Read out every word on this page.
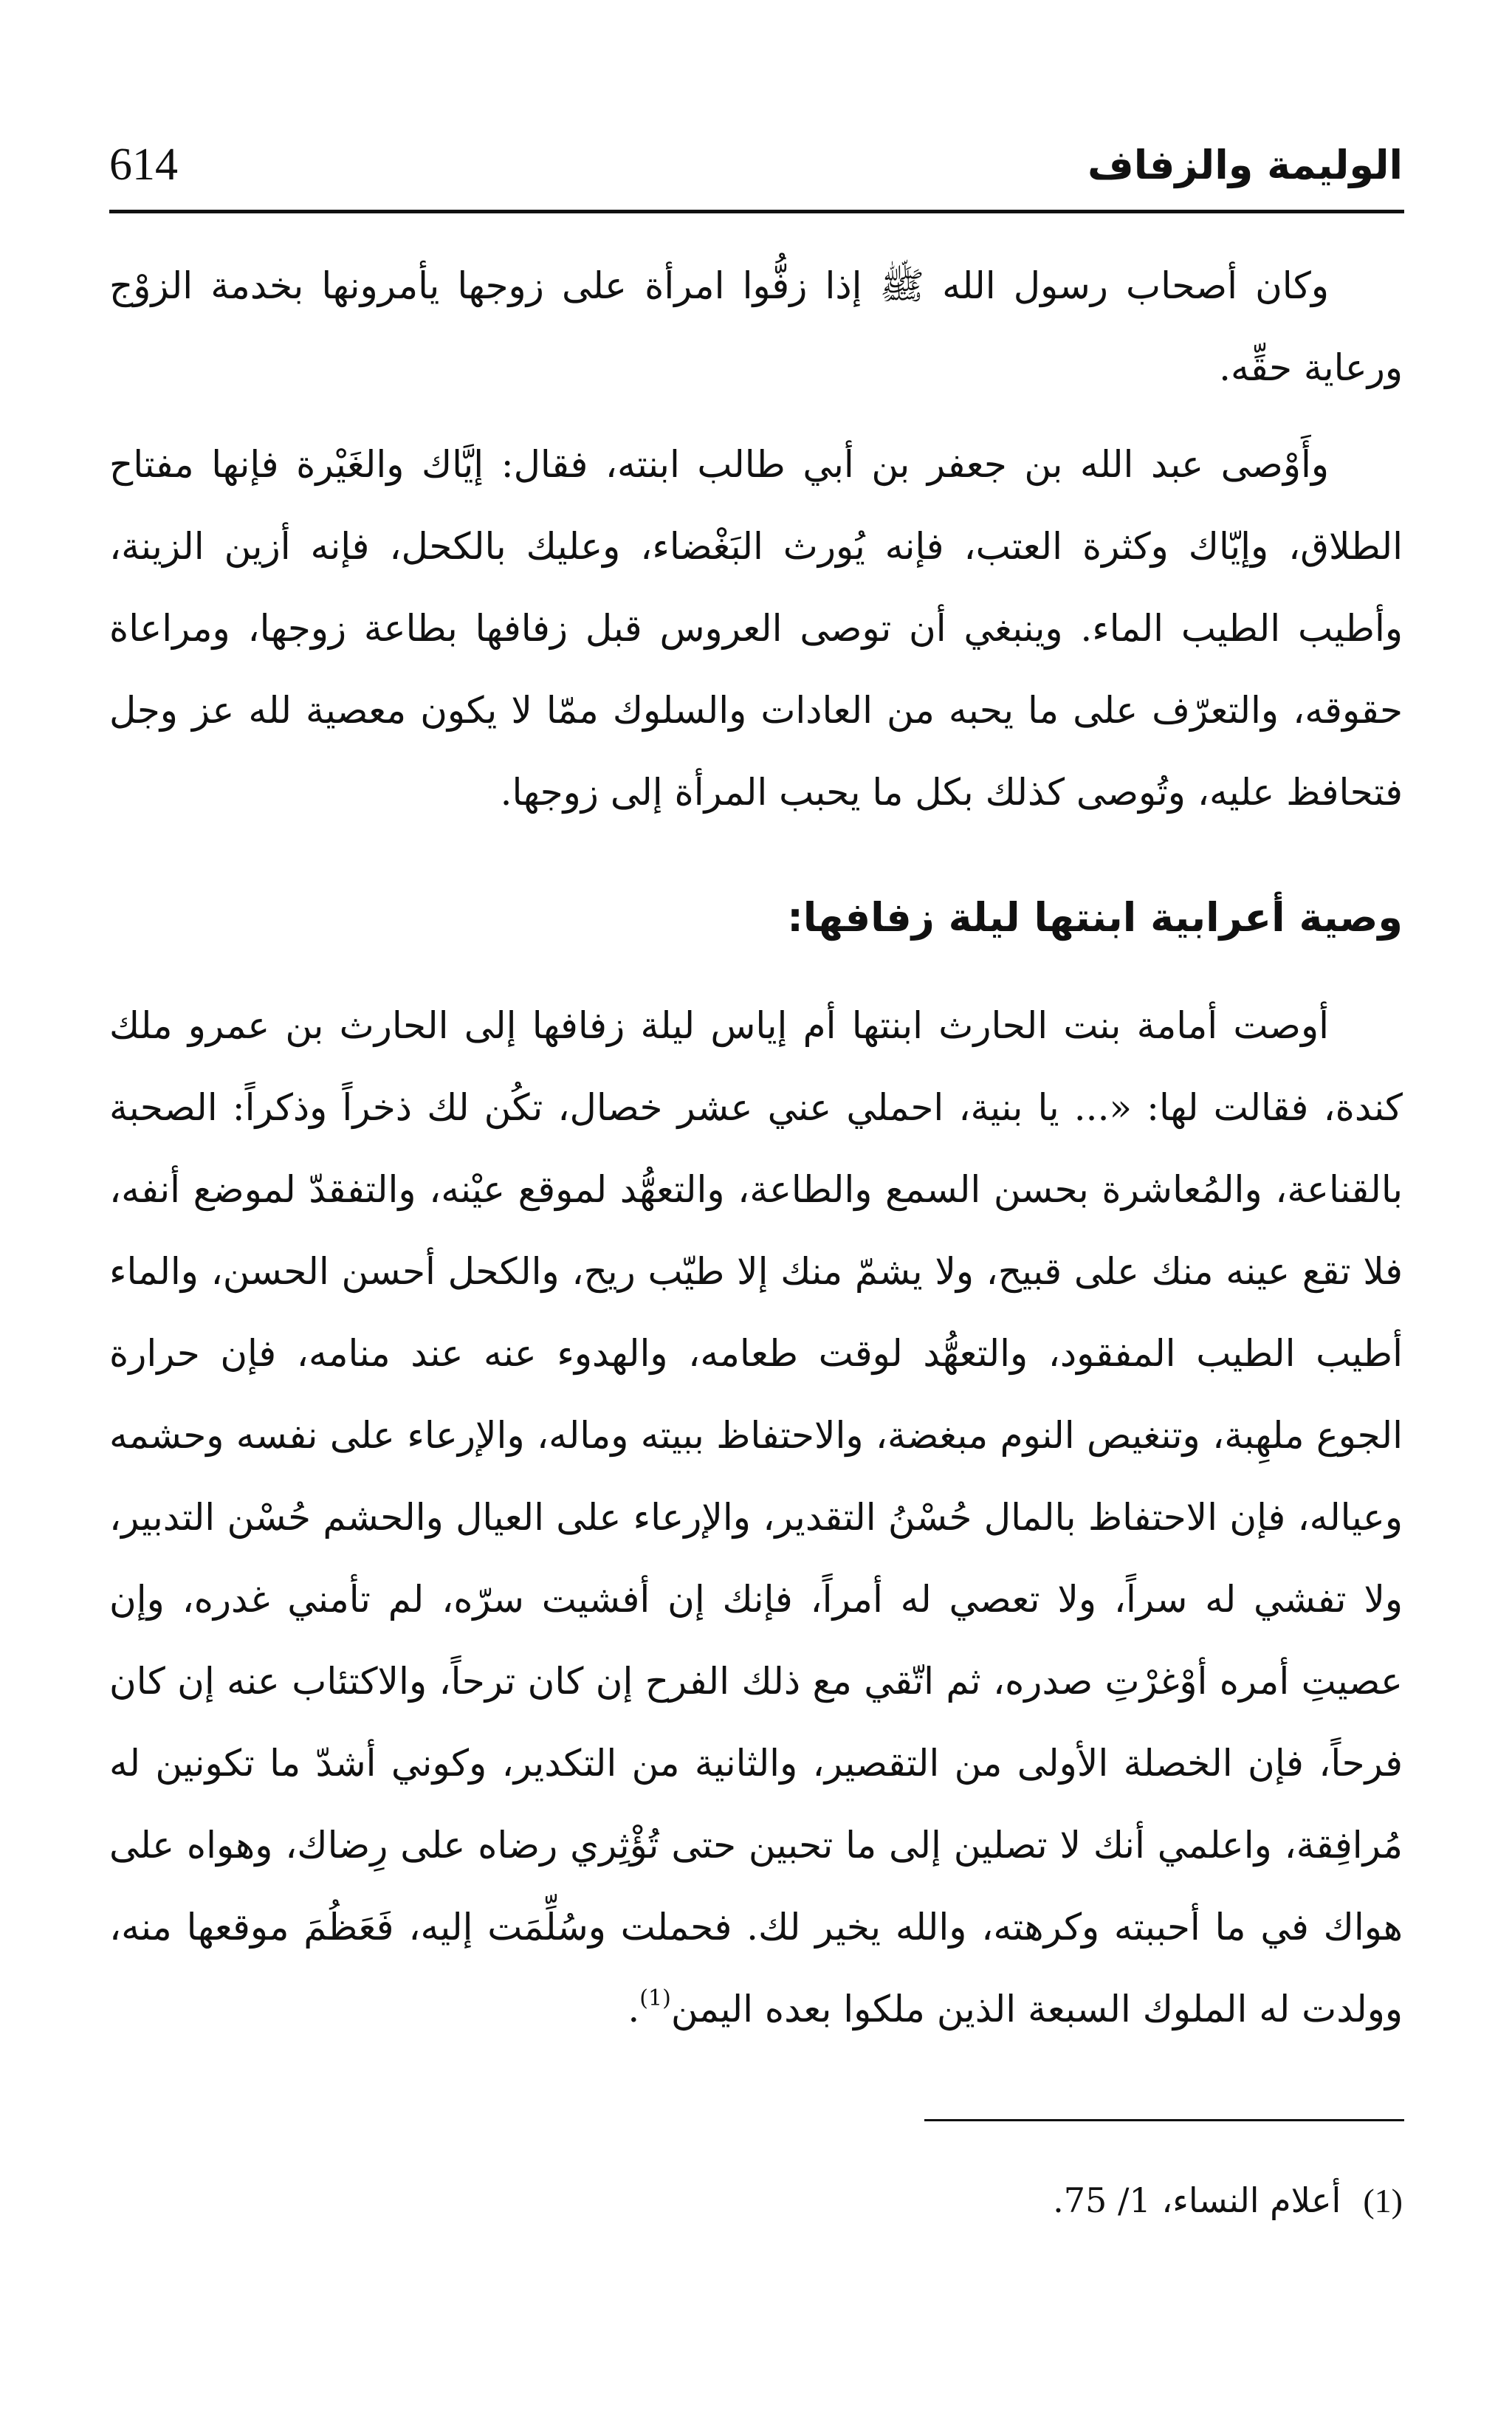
الوليمة والزفاف
614

وكان أصحاب رسول الله ﷺ إذا زفُّوا امرأة على زوجها يأمرونها بخدمة الزوْج ورعاية حقِّه.

وأَوْصى عبد الله بن جعفر بن أبي طالب ابنته، فقال: إيَّاك والغَيْرة فإنها مفتاح الطلاق، وإيّاك وكثرة العتب، فإنه يُورث البَغْضاء، وعليك بالكحل، فإنه أزين الزينة، وأطيب الطيب الماء. وينبغي أن توصى العروس قبل زفافها بطاعة زوجها، ومراعاة حقوقه، والتعرّف على ما يحبه من العادات والسلوك ممّا لا يكون معصية لله عز وجل فتحافظ عليه، وتُوصى كذلك بكل ما يحبب المرأة إلى زوجها.

وصية أعرابية ابنتها ليلة زفافها:

أوصت أمامة بنت الحارث ابنتها أم إياس ليلة زفافها إلى الحارث بن عمرو ملك كندة، فقالت لها: «... يا بنية، احملي عني عشر خصال، تكُن لك ذخراً وذكراً: الصحبة بالقناعة، والمُعاشرة بحسن السمع والطاعة، والتعهُّد لموقع عيْنه، والتفقدّ لموضع أنفه، فلا تقع عينه منك على قبيح، ولا يشمّ منك إلا طيّب ريح، والكحل أحسن الحسن، والماء أطيب الطيب المفقود، والتعهُّد لوقت طعامه، والهدوء عنه عند منامه، فإن حرارة الجوع ملهِبة، وتنغيص النوم مبغضة، والاحتفاظ ببيته وماله، والإرعاء على نفسه وحشمه وعياله، فإن الاحتفاظ بالمال حُسْنُ التقدير، والإرعاء على العيال والحشم حُسْن التدبير، ولا تفشي له سراً، ولا تعصي له أمراً، فإنك إن أفشيت سرّه، لم تأمني غدره، وإن عصيتِ أمره أوْغرْتِ صدره، ثم اتّقي مع ذلك الفرح إن كان ترحاً، والاكتئاب عنه إن كان فرحاً، فإن الخصلة الأولى من التقصير، والثانية من التكدير، وكوني أشدّ ما تكونين له مُرافِقة، واعلمي أنك لا تصلين إلى ما تحبين حتى تُؤْثِري رضاه على رِضاك، وهواه على هواك في ما أحببته وكرهته، والله يخير لك. فحملت وسُلِّمَت إليه، فَعَظُمَ موقعها منه، وولدت له الملوك السبعة الذين ملكوا بعده اليمن$^{(1)}$.

(1)أعلام النساء، 1/ 75.
